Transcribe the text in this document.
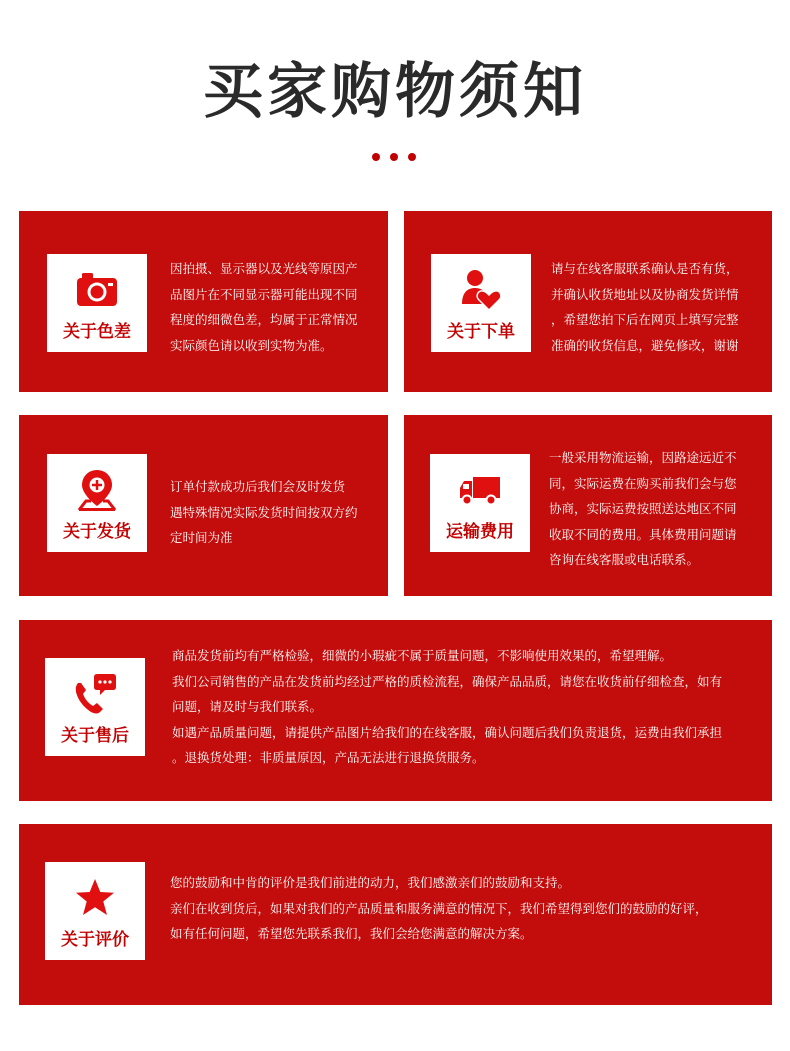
买家购物须知
关于色差

因拍摄、显示器以及光线等原因产

品图片在不同显示器可能出现不同

程度的细微色差，均属于正常情况

实际颜色请以收到实物为准。

关于下单

请与在线客服联系确认是否有货，

并确认收货地址以及协商发货详情

，希望您拍下后在网页上填写完整

准确的收货信息，避免修改，谢谢

关于发货

订单付款成功后我们会及时发货

遇特殊情况实际发货时间按双方约

定时间为准	运输费用

一般采用物流运输，因路途远近不

同，实际运费在购买前我们会与您

协商，实际运费按照送达地区不同

收取不同的费用。具体费用问题请

咨询在线客服或电话联系。

关于售后

商品发货前均有严格检验，细微的小瑕疵不属于质量问题，不影响使用效果的，希望理解。

我们公司销售的产品在发货前均经过严格的质检流程，确保产品品质，请您在收货前仔细检查，如有

问题，请及时与我们联系。

如遇产品质量问题，请提供产品图片给我们的在线客服，确认问题后我们负责退货，运费由我们承担

。退换货处理：非质量原因，产品无法进行退换货服务。

关于评价

您的鼓励和中肯的评价是我们前进的动力，我们感激亲们的鼓励和支持。

亲们在收到货后，如果对我们的产品质量和服务满意的情况下，我们希望得到您们的鼓励的好评，

如有任何问题，希望您先联系我们，我们会给您满意的解决方案。
